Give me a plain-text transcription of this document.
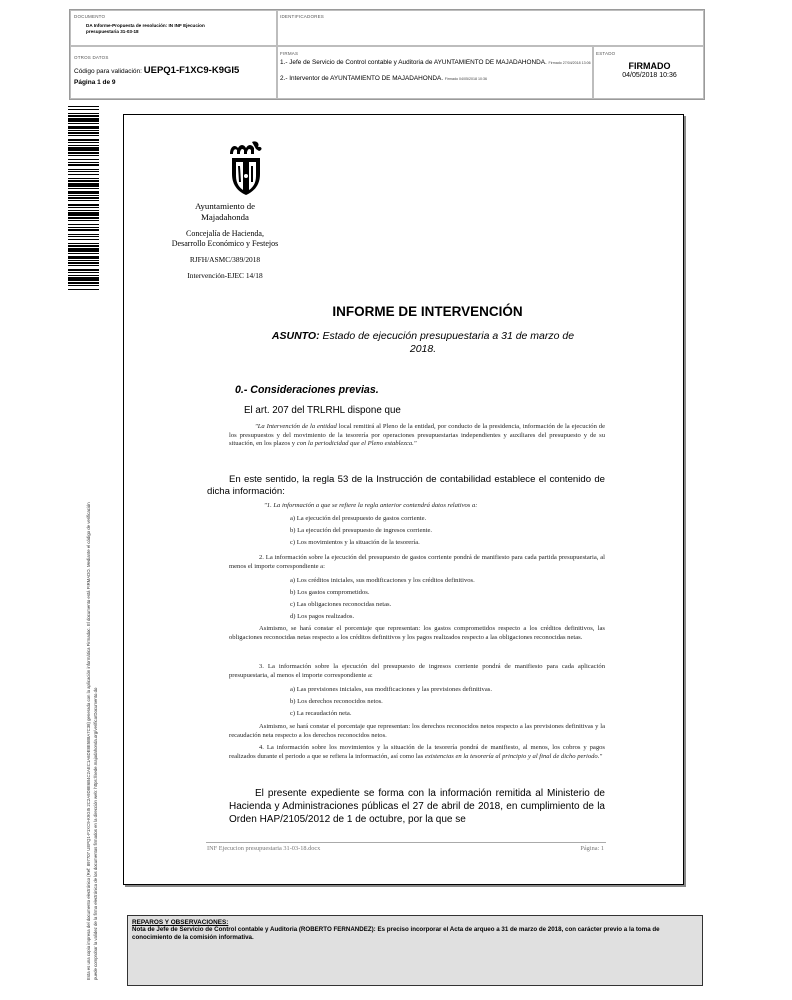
DOCUMENTO
DA Informe-Propuesta de resolución: IN INF Ejecucion presupuestaria 31-03-18
IDENTIFICADORES
OTROS DATOS
Código para validación: UEPQ1-F1XC9-K9GI5
Página 1 de 9
FIRMAS
1.- Jefe de Servicio de Control contable y Auditoria de AYUNTAMIENTO DE MAJADAHONDA. Firmado 27/04/2018 13:06
2.- Interventor de AYUNTAMIENTO DE MAJADAHONDA. Firmado 04/05/2018 10:36
ESTADO
FIRMADO
04/05/2018 10:36
Esta es una copia impresa del documento electrónico (Ref: 897707 UEPQ1-F1XC9-K9GI5 2C2A9D8E6B4C2AEC1A6DE8E5B8A7C38) generada con la aplicación informática Firmadoc. El documento está FIRMADO. Mediante el código de verificación puede comprobar la validez de la firma electrónica de los documentos firmados en la dirección web: https://sede.majadahonda.org/verificarDocumento.do
Ayuntamiento de
Majadahonda
Concejalía de Hacienda,
Desarrollo Económico y Festejos
RJFH/ASMC/389/2018
Intervención-EJEC 14/18
INFORME DE INTERVENCIÓN
ASUNTO: Estado de ejecución presupuestaria a 31 de marzo de 2018.
0.- Consideraciones previas.
El art. 207 del TRLRHL dispone que
"La Intervención de la entidad local remitirá al Pleno de la entidad, por conducto de la presidencia, información de la ejecución de los presupuestos y del movimiento de la tesorería por operaciones presupuestarias independientes y auxiliares del presupuesto y de su situación, en los plazos y con la periodicidad que el Pleno establezca."
En este sentido, la regla 53 de la Instrucción de contabilidad establece el contenido de dicha información:
"1. La información a que se refiere la regla anterior contendrá datos relativos a:
a) La ejecución del presupuesto de gastos corriente.
b) La ejecución del presupuesto de ingresos corriente.
c) Los movimientos y la situación de la tesorería.
2. La información sobre la ejecución del presupuesto de gastos corriente pondrá de manifiesto para cada partida presupuestaria, al menos el importe correspondiente a:
a) Los créditos iniciales, sus modificaciones y los créditos definitivos.
b) Los gastos comprometidos.
c) Las obligaciones reconocidas netas.
d) Los pagos realizados.
Asimismo, se hará constar el porcentaje que representan: los gastos comprometidos respecto a los créditos definitivos, las obligaciones reconocidas netas respecto a los créditos definitivos y los pagos realizados respecto a las obligaciones reconocidas netas.
3. La información sobre la ejecución del presupuesto de ingresos corriente pondrá de manifiesto para cada aplicación presupuestaria, al menos el importe correspondiente a:
a) Las previsiones iniciales, sus modificaciones y las previsiones definitivas.
b) Los derechos reconocidos netos.
c) La recaudación neta.
Asimismo, se hará constar el porcentaje que representan: los derechos reconocidos netos respecto a las previsiones definitivas y la recaudación neta respecto a los derechos reconocidos netos.
4. La información sobre los movimientos y la situación de la tesorería pondrá de manifiesto, al menos, los cobros y pagos realizados durante el periodo a que se refiera la información, así como las existencias en la tesorería al principio y al final de dicho periodo."
El presente expediente se forma con la información remitida al Ministerio de Hacienda y Administraciones públicas el 27 de abril de 2018, en cumplimiento de la Orden HAP/2105/2012 de 1 de octubre, por la que se
INF Ejecucion presupuestaria 31-03-18.docx	Página: 1
REPAROS Y OBSERVACIONES:
Nota de Jefe de Servicio de Control contable y Auditoria (ROBERTO FERNANDEZ): Es preciso incorporar el Acta de arqueo a 31 de marzo de 2018, con carácter previo a la toma de conocimiento de la comisión informativa.
